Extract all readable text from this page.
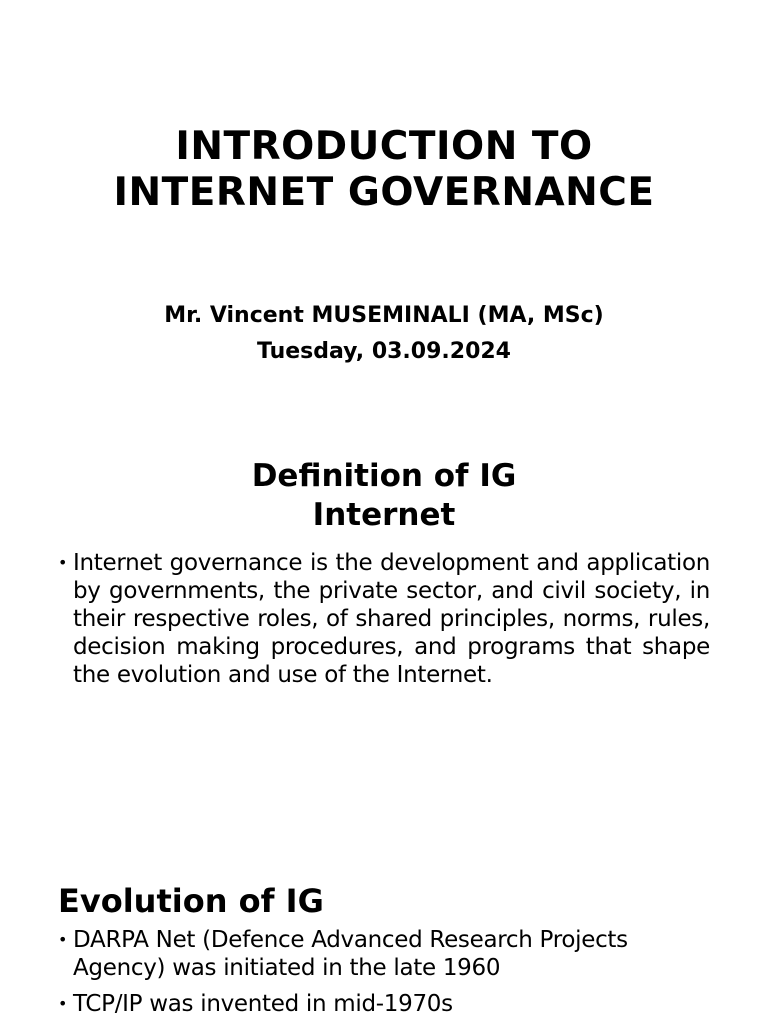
INTRODUCTION TO
INTERNET GOVERNANCE
Mr. Vincent MUSEMINALI (MA, MSc)
Tuesday, 03.09.2024
Definition of IG
Internet
• Internet governance is the development and application by governments, the private sector, and civil society, in their respective roles, of shared principles, norms, rules, decision making procedures, and programs that shape the evolution and use of the Internet.
Evolution of IG
• DARPA Net (Defence Advanced Research Projects Agency) was initiated in the late 1960
• TCP/IP was invented in mid-1970s
